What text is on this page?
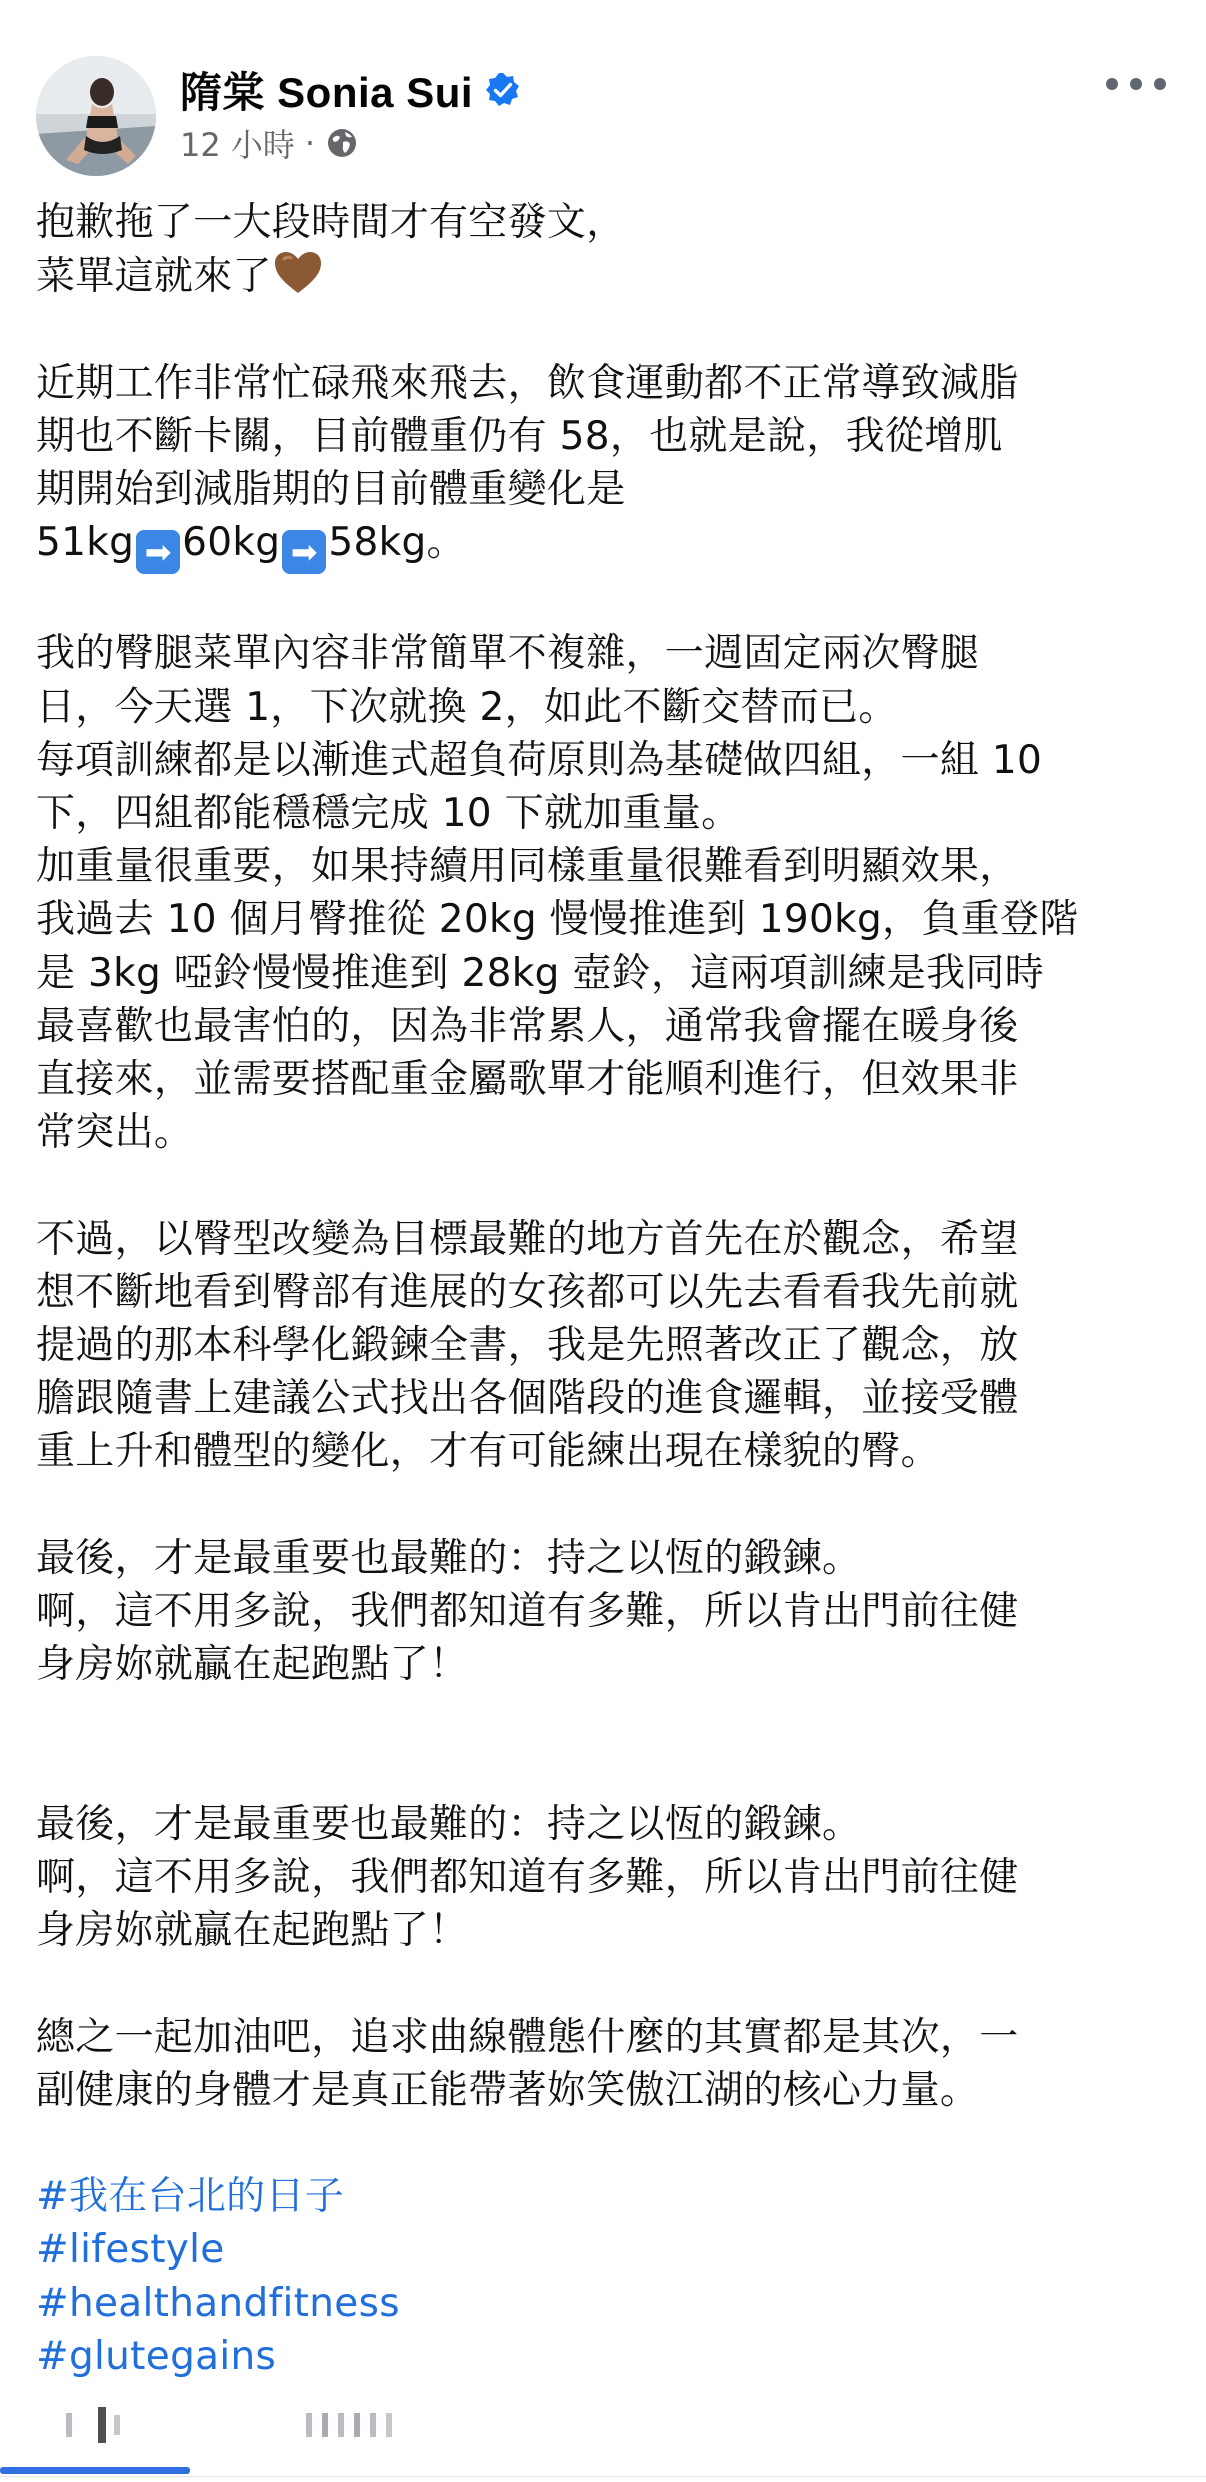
隋棠 Sonia Sui
12 小時 ·

抱歉拖了一大段時間才有空發文，

菜單這就來了

近期工作非常忙碌飛來飛去，飲食運動都不正常導致減脂

期也不斷卡關，目前體重仍有 58，也就是說，我從增肌

期開始到減脂期的目前體重變化是

51kg ➡ 60kg ➡ 58kg。

我的臀腿菜單內容非常簡單不複雜，一週固定兩次臀腿

日，今天選 1，下次就換 2，如此不斷交替而已。

每項訓練都是以漸進式超負荷原則為基礎做四組，一組 10

下，四組都能穩穩完成 10 下就加重量。

加重量很重要，如果持續用同樣重量很難看到明顯效果，

我過去 10 個月臀推從 20kg 慢慢推進到 190kg，負重登階

是 3kg 啞鈴慢慢推進到 28kg 壺鈴，這兩項訓練是我同時

最喜歡也最害怕的，因為非常累人，通常我會擺在暖身後

直接來，並需要搭配重金屬歌單才能順利進行，但效果非

常突出。

不過，以臀型改變為目標最難的地方首先在於觀念，希望

想不斷地看到臀部有進展的女孩都可以先去看看我先前就

提過的那本科學化鍛鍊全書，我是先照著改正了觀念，放

膽跟隨書上建議公式找出各個階段的進食邏輯，並接受體

重上升和體型的變化，才有可能練出現在樣貌的臀。

最後，才是最重要也最難的：持之以恆的鍛鍊。

啊，這不用多說，我們都知道有多難，所以肯出門前往健

身房妳就贏在起跑點了！

最後，才是最重要也最難的：持之以恆的鍛鍊。

啊，這不用多說，我們都知道有多難，所以肯出門前往健

身房妳就贏在起跑點了！

總之一起加油吧，追求曲線體態什麼的其實都是其次，一

副健康的身體才是真正能帶著妳笑傲江湖的核心力量。

#我在台北的日子
#lifestyle
#healthandfitness
#glutegains
